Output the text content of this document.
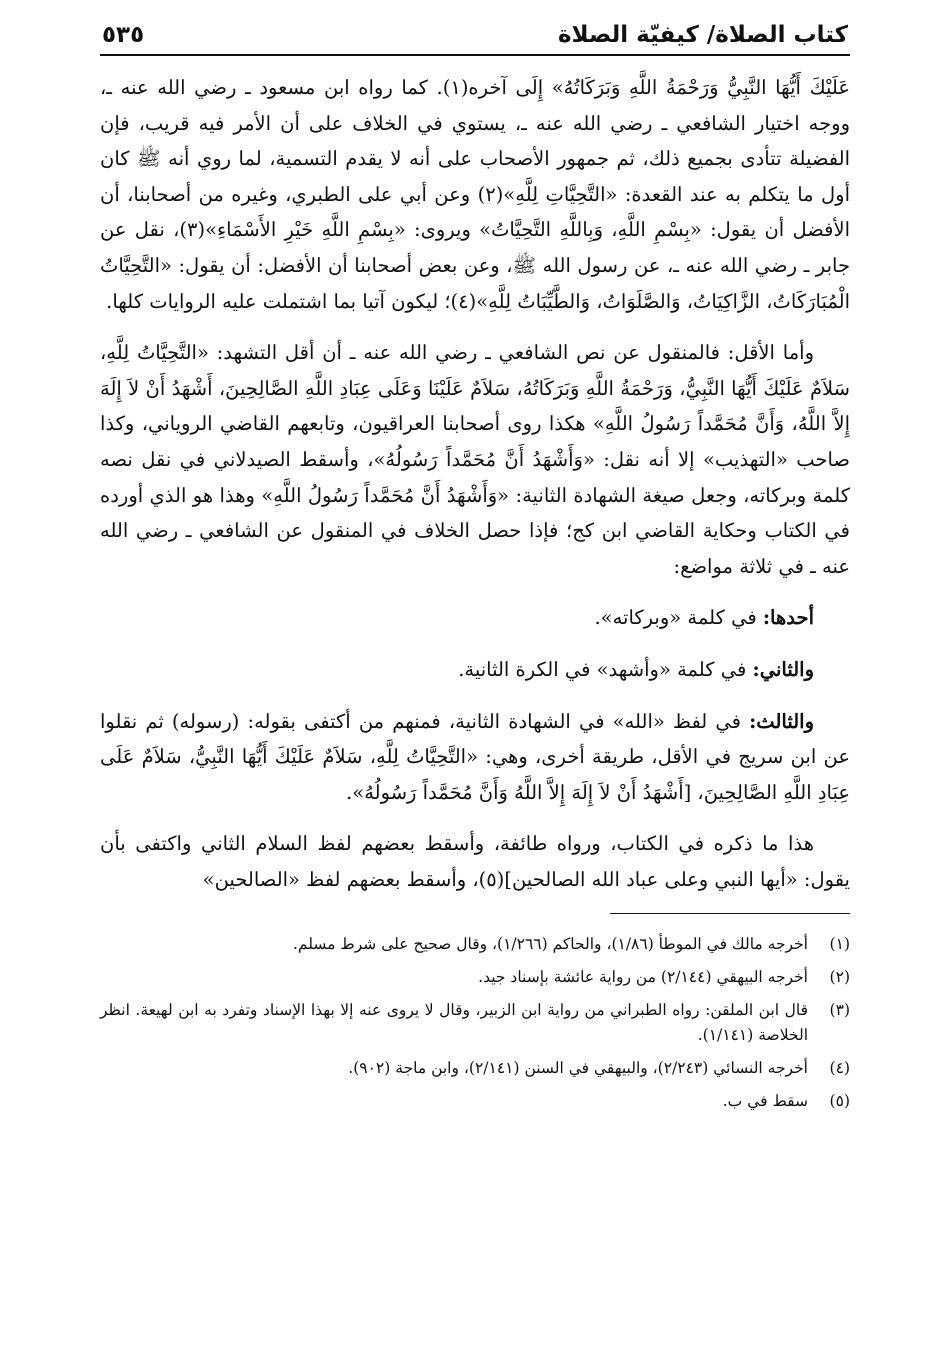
كتاب الصلاة/ كيفيّة الصلاة
٥٣٥

عَلَيْكَ أَيُّهَا النَّبِيُّ وَرَحْمَةُ اللَّهِ وَبَرَكَاتُهُ» إِلَى آخره(١). كما رواه ابن مسعود ـ رضي الله عنه ـ، ووجه اختيار الشافعي ـ رضي الله عنه ـ، يستوي في الخلاف على أن الأمر فيه قريب، فإن الفضيلة تتأدى بجميع ذلك، ثم جمهور الأصحاب على أنه لا يقدم التسمية، لما روي أنه ﷺ كان أول ما يتكلم به عند القعدة: «التَّحِيَّاتِ لِلَّهِ»(٢) وعن أبي على الطبري، وغيره من أصحابنا، أن الأفضل أن يقول: «بِسْمِ اللَّهِ، وَبِاللَّهِ التَّحِيَّاتُ» ويروى: «بِسْمِ اللَّهِ خَيْرِ الأَسْمَاءِ»(٣)، نقل عن جابر ـ رضي الله عنه ـ، عن رسول الله ﷺ، وعن بعض أصحابنا أن الأفضل: أن يقول: «التَّحِيَّاتُ الْمُبَارَكَاتُ، الزَّاكِيَاتُ، وَالصَّلَوَاتُ، وَالطَّيِّبَاتُ لِلَّهِ»(٤)؛ ليكون آتيا بما اشتملت عليه الروايات كلها.

وأما الأقل: فالمنقول عن نص الشافعي ـ رضي الله عنه ـ أن أقل التشهد: «التَّحِيَّاتُ لِلَّهِ، سَلاَمٌ عَلَيْكَ أَيُّهَا النَّبِيُّ، وَرَحْمَةُ اللَّهِ وَبَرَكَاتُهُ، سَلاَمٌ عَلَيْنَا وَعَلَى عِبَادِ اللَّهِ الصَّالِحِينَ، أَشْهَدُ أَنْ لاَ إِلَهَ إِلاَّ اللَّهُ، وَأَنَّ مُحَمَّداً رَسُولُ اللَّهِ» هكذا روى أصحابنا العراقيون، وتابعهم القاضي الروياني، وكذا صاحب «التهذيب» إلا أنه نقل: «وَأَشْهَدُ أَنَّ مُحَمَّداً رَسُولُهُ»، وأسقط الصيدلاني في نقل نصه كلمة وبركاته، وجعل صيغة الشهادة الثانية: «وَأَشْهَدُ أَنَّ مُحَمَّداً رَسُولُ اللَّهِ» وهذا هو الذي أورده في الكتاب وحكاية القاضي ابن كج؛ فإذا حصل الخلاف في المنقول عن الشافعي ـ رضي الله عنه ـ في ثلاثة مواضع:

أحدها: في كلمة «وبركاته».

والثاني: في كلمة «وأشهد» في الكرة الثانية.

والثالث: في لفظ «الله» في الشهادة الثانية، فمنهم من أكتفى بقوله: (رسوله) ثم نقلوا عن ابن سريج في الأقل، طريقة أخرى، وهي: «التَّحِيَّاتُ لِلَّهِ، سَلاَمٌ عَلَيْكَ أَيُّهَا النَّبِيُّ، سَلاَمٌ عَلَى عِبَادِ اللَّهِ الصَّالِحِينَ، [أَشْهَدُ أَنْ لاَ إِلَهَ إِلاَّ اللَّهُ وَأَنَّ مُحَمَّداً رَسُولُهُ».

هذا ما ذكره في الكتاب، ورواه طائفة، وأسقط بعضهم لفظ السلام الثاني واكتفى بأن يقول: «أيها النبي وعلى عباد الله الصالحين](٥)، وأسقط بعضهم لفظ «الصالحين»

(١)
أخرجه مالك في الموطأ (١/٨٦)، والحاكم (١/٢٦٦)، وقال صحيح على شرط مسلم.
(٢)
أخرجه البيهقي (٢/١٤٤) من رواية عائشة بإسناد جيد.
(٣)
قال ابن الملقن: رواه الطبراني من رواية ابن الزبير، وقال لا يروى عنه إلا بهذا الإسناد وتفرد به ابن لهيعة. انظر الخلاصة (١/١٤١).
(٤)
أخرجه النسائي (٢/٢٤٣)، والبيهقي في السنن (٢/١٤١)، وابن ماجة (٩٠٢).
(٥)
سقط في ب.
